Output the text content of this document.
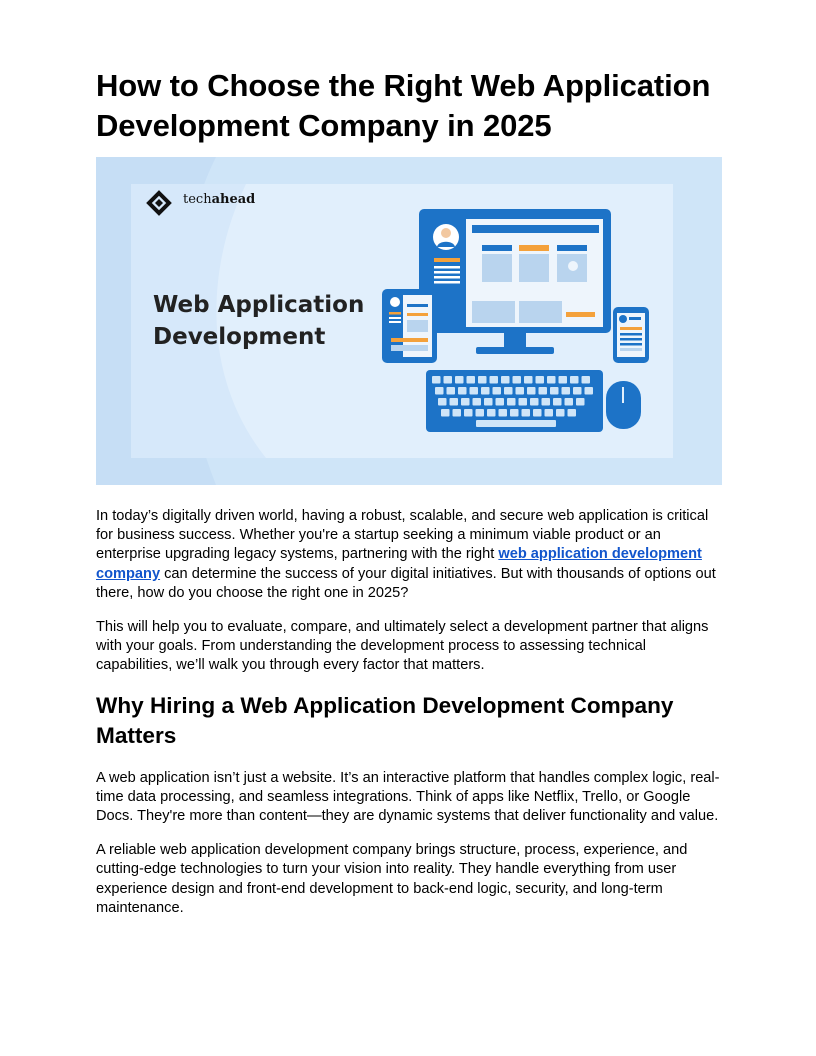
How to Choose the Right Web Application Development Company in 2025
techahead
Web Application
Development

In today’s digitally driven world, having a robust, scalable, and secure web application is critical for business success. Whether you're a startup seeking a minimum viable product or an enterprise upgrading legacy systems, partnering with the right web application development company can determine the success of your digital initiatives. But with thousands of options out there, how do you choose the right one in 2025?

This will help you to evaluate, compare, and ultimately select a development partner that aligns with your goals. From understanding the development process to assessing technical capabilities, we’ll walk you through every factor that matters.

Why Hiring a Web Application Development Company Matters

A web application isn’t just a website. It’s an interactive platform that handles complex logic, real-time data processing, and seamless integrations. Think of apps like Netflix, Trello, or Google Docs. They're more than content—they are dynamic systems that deliver functionality and value.

A reliable web application development company brings structure, process, experience, and cutting-edge technologies to turn your vision into reality. They handle everything from user experience design and front-end development to back-end logic, security, and long-term maintenance.
